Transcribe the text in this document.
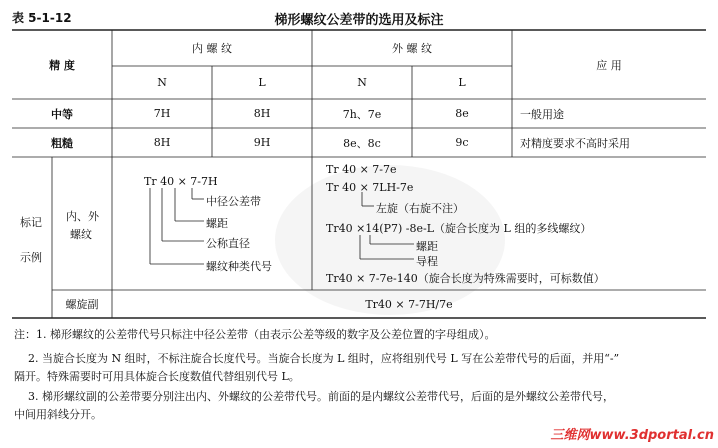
表 5-1-12	梯形螺纹公差带的选用及标注
精 度
内 螺 纹	外 螺 纹
应 用
N	L	N	L
中等	7H	8H	7h、7e	8e	一般用途
粗糙	8H	9H	8e、8c	9c	对精度要求不高时采用
标记
示例
内、外
螺纹
Tr 40 × 7-7H
中径公差带
螺距
公称直径
螺纹种类代号
Tr 40 × 7-7e
Tr 40 × 7LH-7e
左旋（右旋不注）
Tr40 ×14(P7) -8e-L（旋合长度为 L 组的多线螺纹）
螺距
导程
Tr40 × 7-7e-140（旋合长度为特殊需要时，可标数值）
螺旋副	Tr40 × 7-7H/7e
注：1. 梯形螺纹的公差带代号只标注中径公差带（由表示公差等级的数字及公差位置的字母组成）。
2. 当旋合长度为 N 组时，不标注旋合长度代号。当旋合长度为 L 组时，应将组别代号 L 写在公差带代号的后面，并用“-”
隔开。特殊需要时可用具体旋合长度数值代替组别代号 L。
3. 梯形螺纹副的公差带要分别注出内、外螺纹的公差带代号。前面的是内螺纹公差带代号，后面的是外螺纹公差带代号，
中间用斜线分开。
三维网www.3dportal.cn
